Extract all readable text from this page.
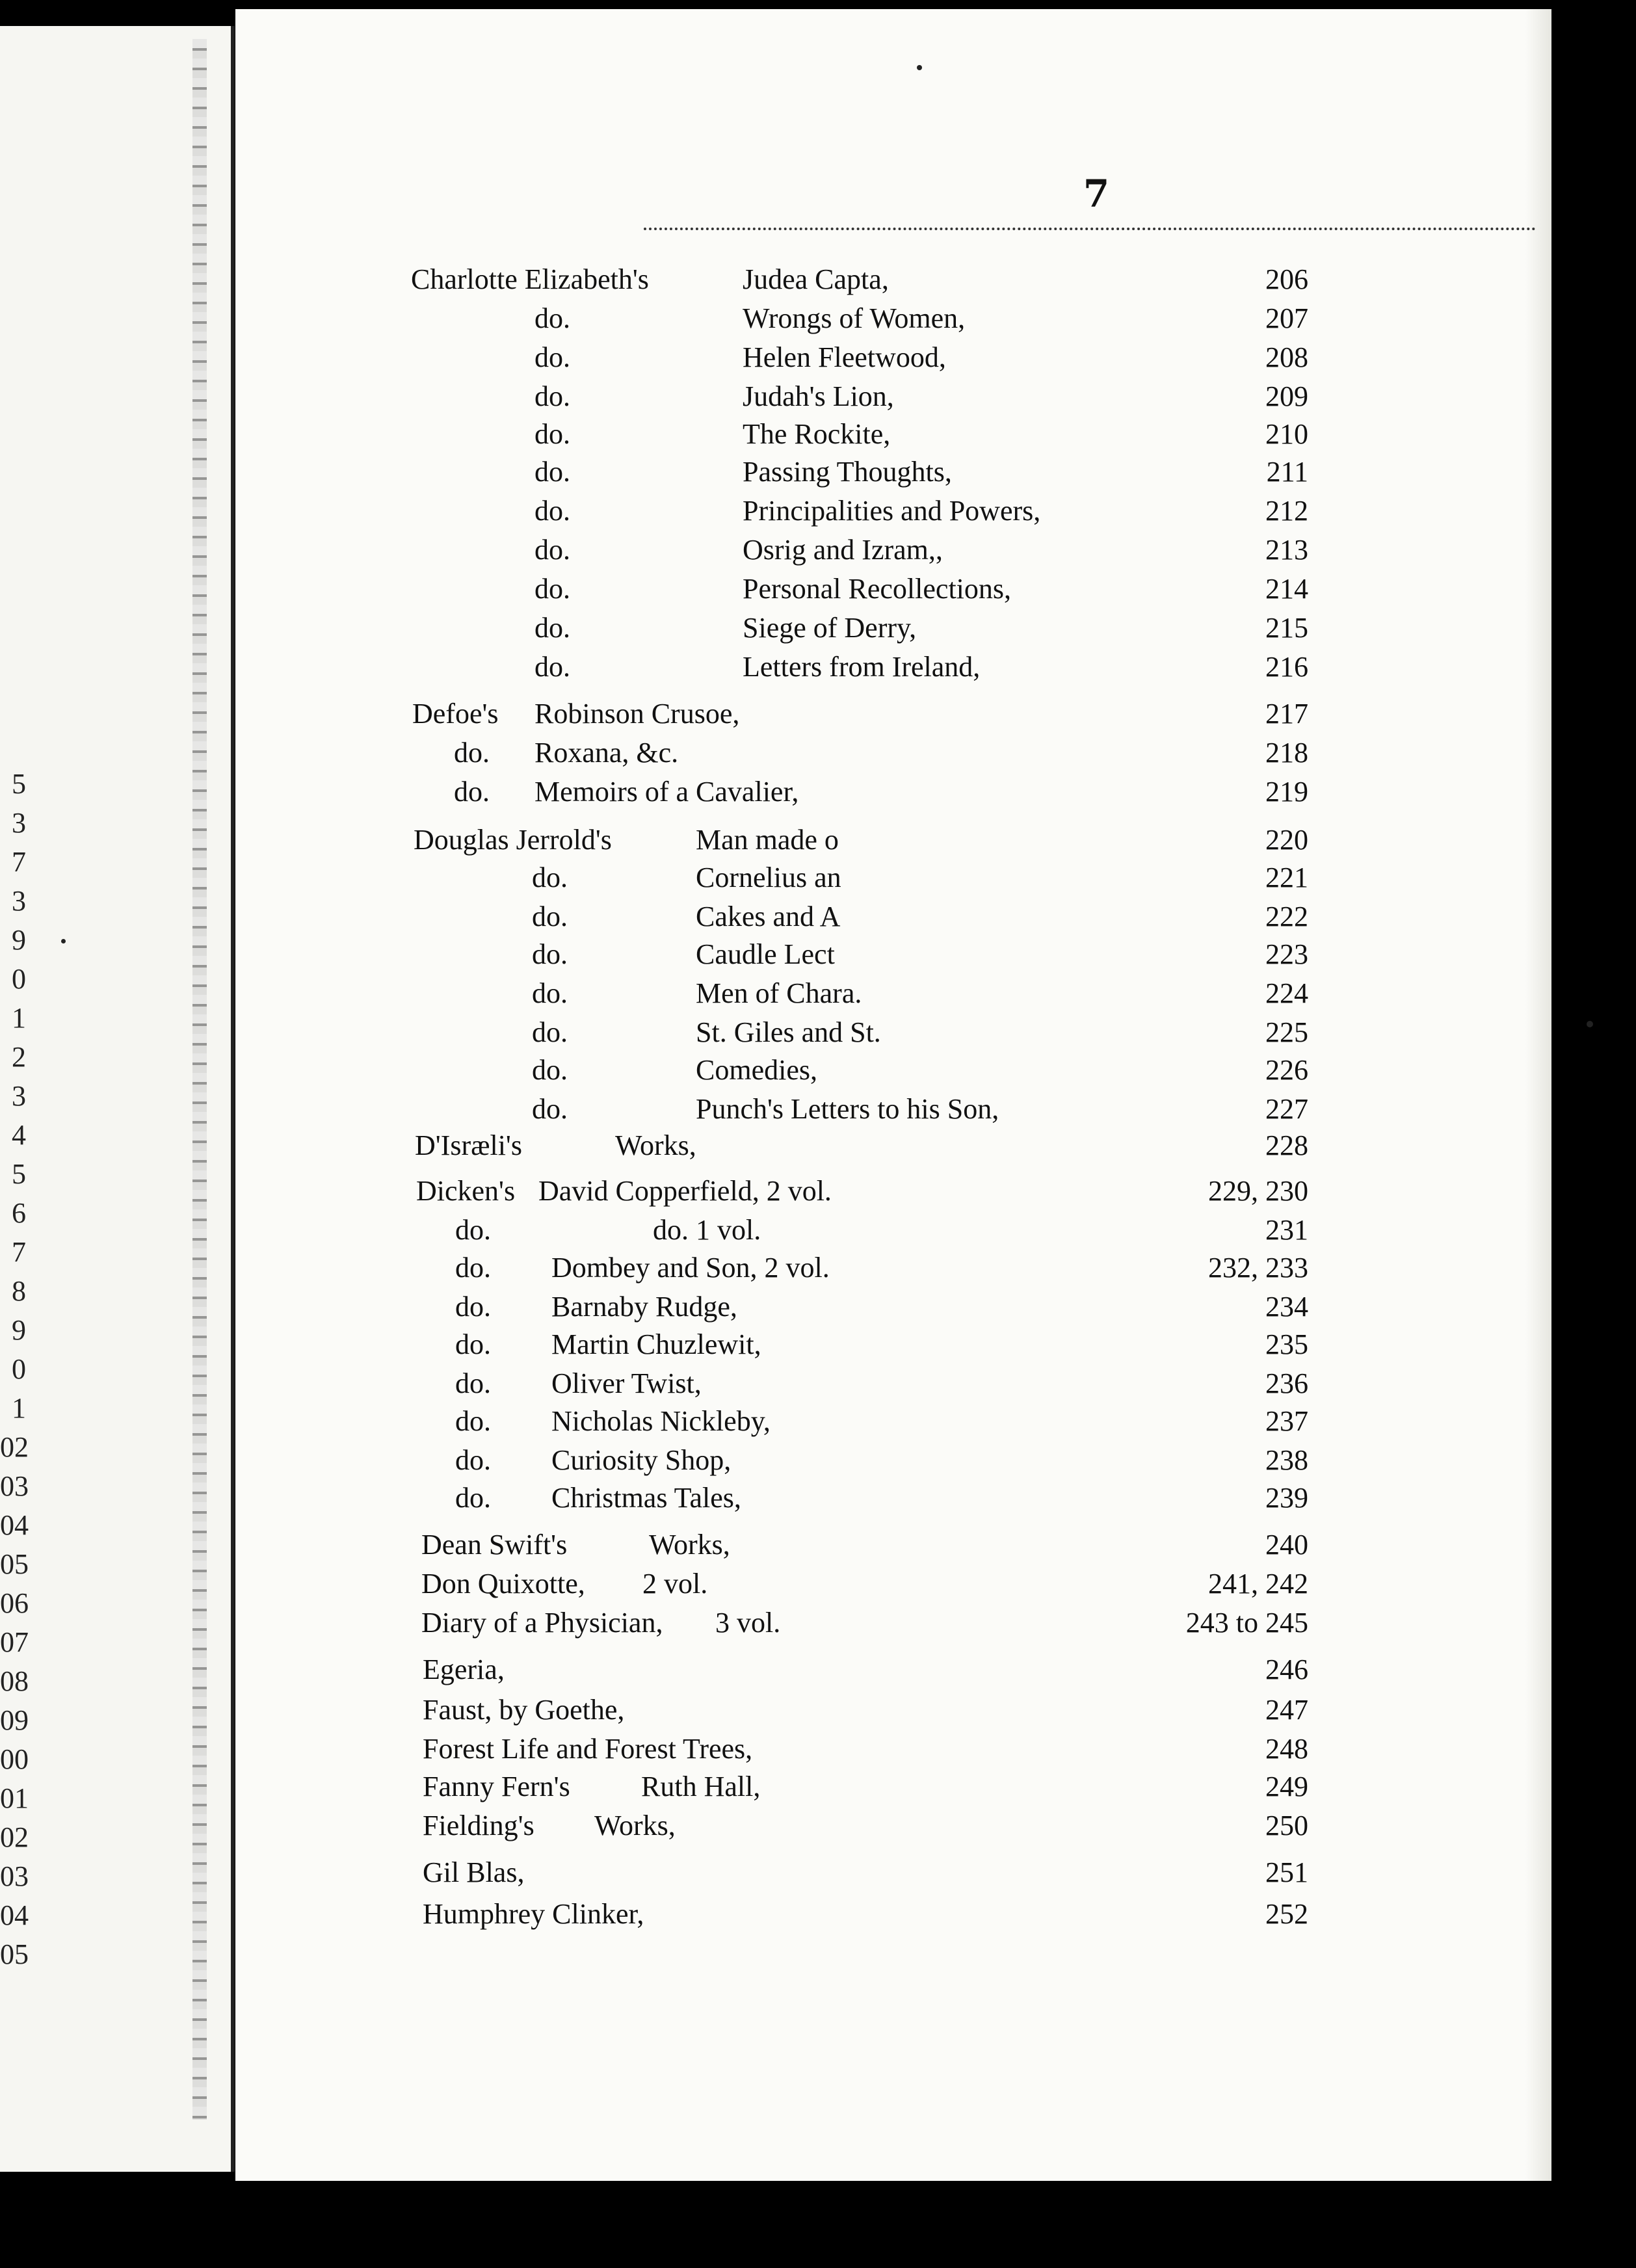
5
3
7
3
9
0
1
2
3
4
5
6
7
8
9
0
1
02
03
04
05
06
07
08
09
00
01
02
03
04
05
7
Charlotte Elizabeth's	Judea Capta,	206
do.	Wrongs of Women,	207
do.	Helen Fleetwood,	208
do.	Judah's Lion,	209
do.	The Rockite,	210
do.	Passing Thoughts,	211
do.	Principalities and Powers,	212
do.	Osrig and Izram,,	213
do.	Personal Recollections,	214
do.	Siege of Derry,	215
do.	Letters from Ireland,	216
Defoe's Robinson Crusoe,	217
do. Roxana, &c.	218
do. Memoirs of a Cavalier,	219
Douglas Jerrold's	Man made o	220
do.	Cornelius an	221
do.	Cakes and A	222
do.	Caudle Lect	223
do.	Men of Chara.	224
do.	St. Giles and St.	225
do.	Comedies,	226
do.	Punch's Letters to his Son,	227
D'Isræli's	Works,	228
Dicken's David Copperfield, 2 vol.	229, 230
do.	do. 1 vol.	231
do. Dombey and Son, 2 vol.	232, 233
do. Barnaby Rudge,	234
do. Martin Chuzlewit,	235
do. Oliver Twist,	236
do. Nicholas Nickleby,	237
do. Curiosity Shop,	238
do. Christmas Tales,	239
Dean Swift's	Works,	240
Don Quixotte, 2 vol.	241, 242
Diary of a Physician, 3 vol.	243 to 245
Egeria,	246
Faust, by Goethe,	247
Forest Life and Forest Trees,	248
Fanny Fern's Ruth Hall,	249
Fielding's Works,	250
Gil Blas,	251
Humphrey Clinker,	252
